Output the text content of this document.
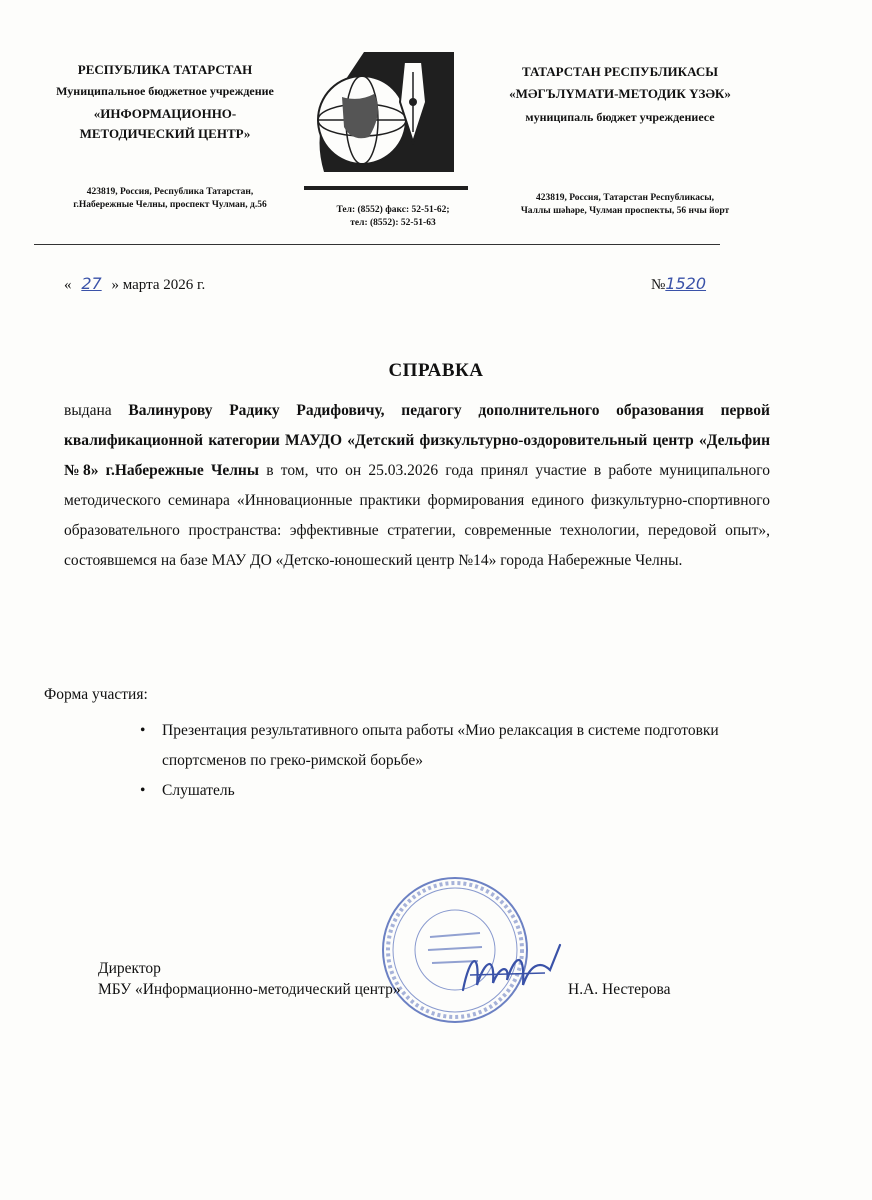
РЕСПУБЛИКА ТАТАРСТАН
Муниципальное бюджетное учреждение
«ИНФОРМАЦИОННО-
МЕТОДИЧЕСКИЙ ЦЕНТР»
423819, Россия, Республика Татарстан,
г.Набережные Челны, проспект Чулман, д.56	Тел: (8552) факс: 52-51-62;
тел: (8552): 52-51-63
ТАТАРСТАН РЕСПУБЛИКАСЫ
«МӘГЪЛҮМАТИ-МЕТОДИК ҮЗӘК»
муниципаль бюджет учреждениесе
423819, Россия, Татарстан Республикасы,
Чаллы шәһәре, Чулман проспекты, 56 нчы йорт
« 27 » марта 2026 г.	№1520
СПРАВКА
выдана Валинурову Радику Радифовичу, педагогу дополнительного образования первой квалификационной категории МАУДО «Детский физкультурно-оздоровительный центр «Дельфин №8» г.Набережные Челны в том, что он 25.03.2026 года принял участие в работе муниципального методического семинара «Инновационные практики формирования единого физкультурно-спортивного образовательного пространства: эффективные стратегии, современные технологии, передовой опыт», состоявшемся на базе МАУ ДО «Детско-юношеский центр №14» города Набережные Челны.
Форма участия:
• Презентация результативного опыта работы «Мио релаксация в системе подготовки спортсменов по греко-римской борьбе»
• Слушатель
Директор
МБУ «Информационно-методический центр»	Н.А. Нестерова
